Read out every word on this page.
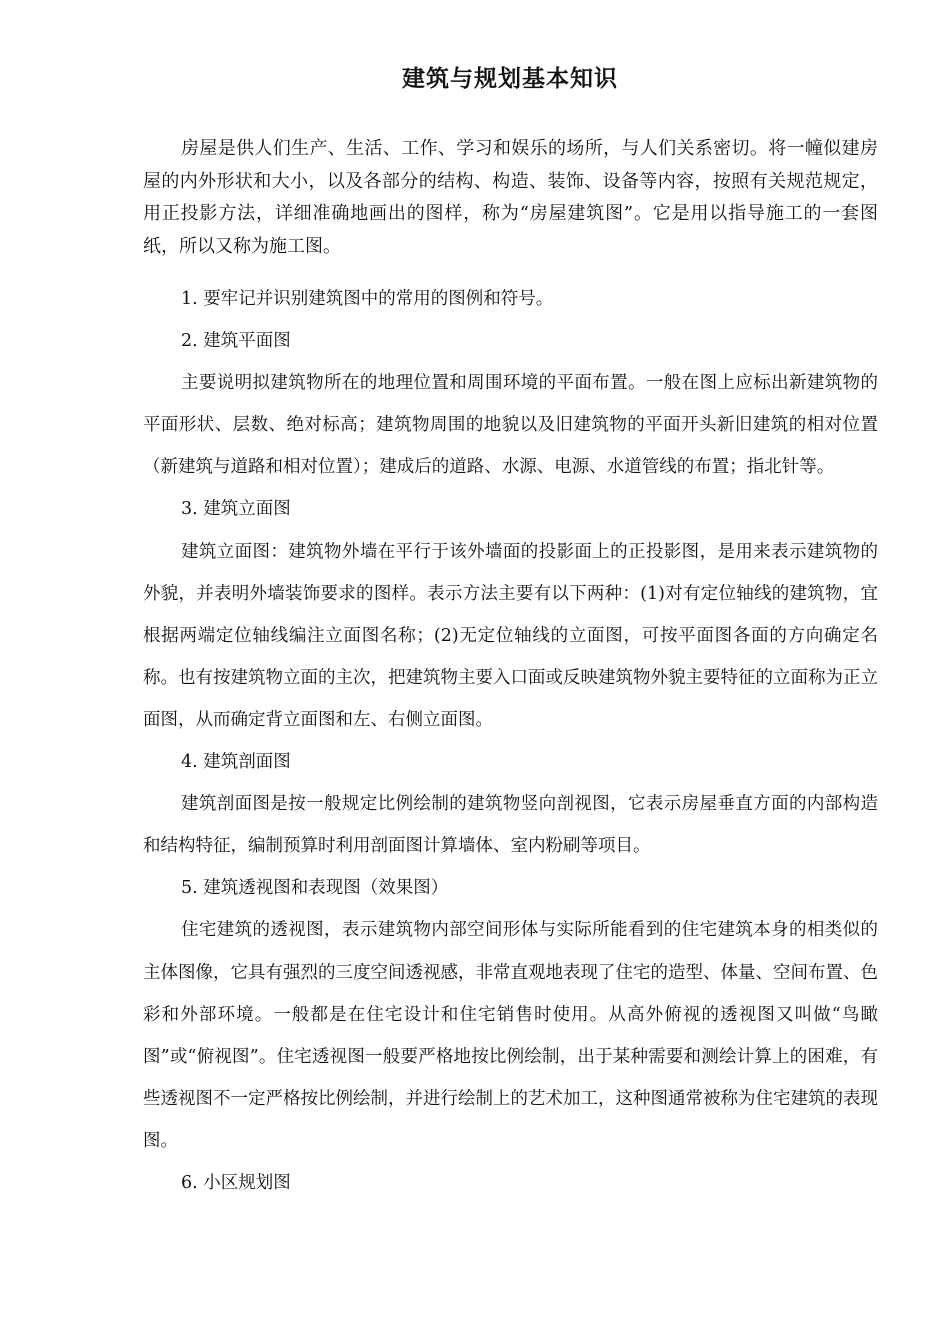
建筑与规划基本知识

房屋是供人们生产、生活、工作、学习和娱乐的场所，与人们关系密切。将一幢似建房屋的内外形状和大小，以及各部分的结构、构造、装饰、设备等内容，按照有关规范规定，用正投影方法，详细准确地画出的图样，称为“房屋建筑图”。它是用以指导施工的一套图纸，所以又称为施工图。

1. 要牢记并识别建筑图中的常用的图例和符号。

2. 建筑平面图

主要说明拟建筑物所在的地理位置和周围环境的平面布置。一般在图上应标出新建筑物的平面形状、层数、绝对标高；建筑物周围的地貌以及旧建筑物的平面开头新旧建筑的相对位置（新建筑与道路和相对位置）；建成后的道路、水源、电源、水道管线的布置；指北针等。

3. 建筑立面图

建筑立面图：建筑物外墙在平行于该外墙面的投影面上的正投影图，是用来表示建筑物的外貌，并表明外墙装饰要求的图样。表示方法主要有以下两种：(1)对有定位轴线的建筑物，宜根据两端定位轴线编注立面图名称；(2)无定位轴线的立面图，可按平面图各面的方向确定名称。也有按建筑物立面的主次，把建筑物主要入口面或反映建筑物外貌主要特征的立面称为正立面图，从而确定背立面图和左、右侧立面图。

4. 建筑剖面图

建筑剖面图是按一般规定比例绘制的建筑物竖向剖视图，它表示房屋垂直方面的内部构造和结构特征，编制预算时利用剖面图计算墙体、室内粉刷等项目。

5. 建筑透视图和表现图（效果图）

住宅建筑的透视图，表示建筑物内部空间形体与实际所能看到的住宅建筑本身的相类似的主体图像，它具有强烈的三度空间透视感，非常直观地表现了住宅的造型、体量、空间布置、色彩和外部环境。一般都是在住宅设计和住宅销售时使用。从高外俯视的透视图又叫做“鸟瞰图”或“俯视图”。住宅透视图一般要严格地按比例绘制，出于某种需要和测绘计算上的困难，有些透视图不一定严格按比例绘制，并进行绘制上的艺术加工，这种图通常被称为住宅建筑的表现图。

6. 小区规划图
